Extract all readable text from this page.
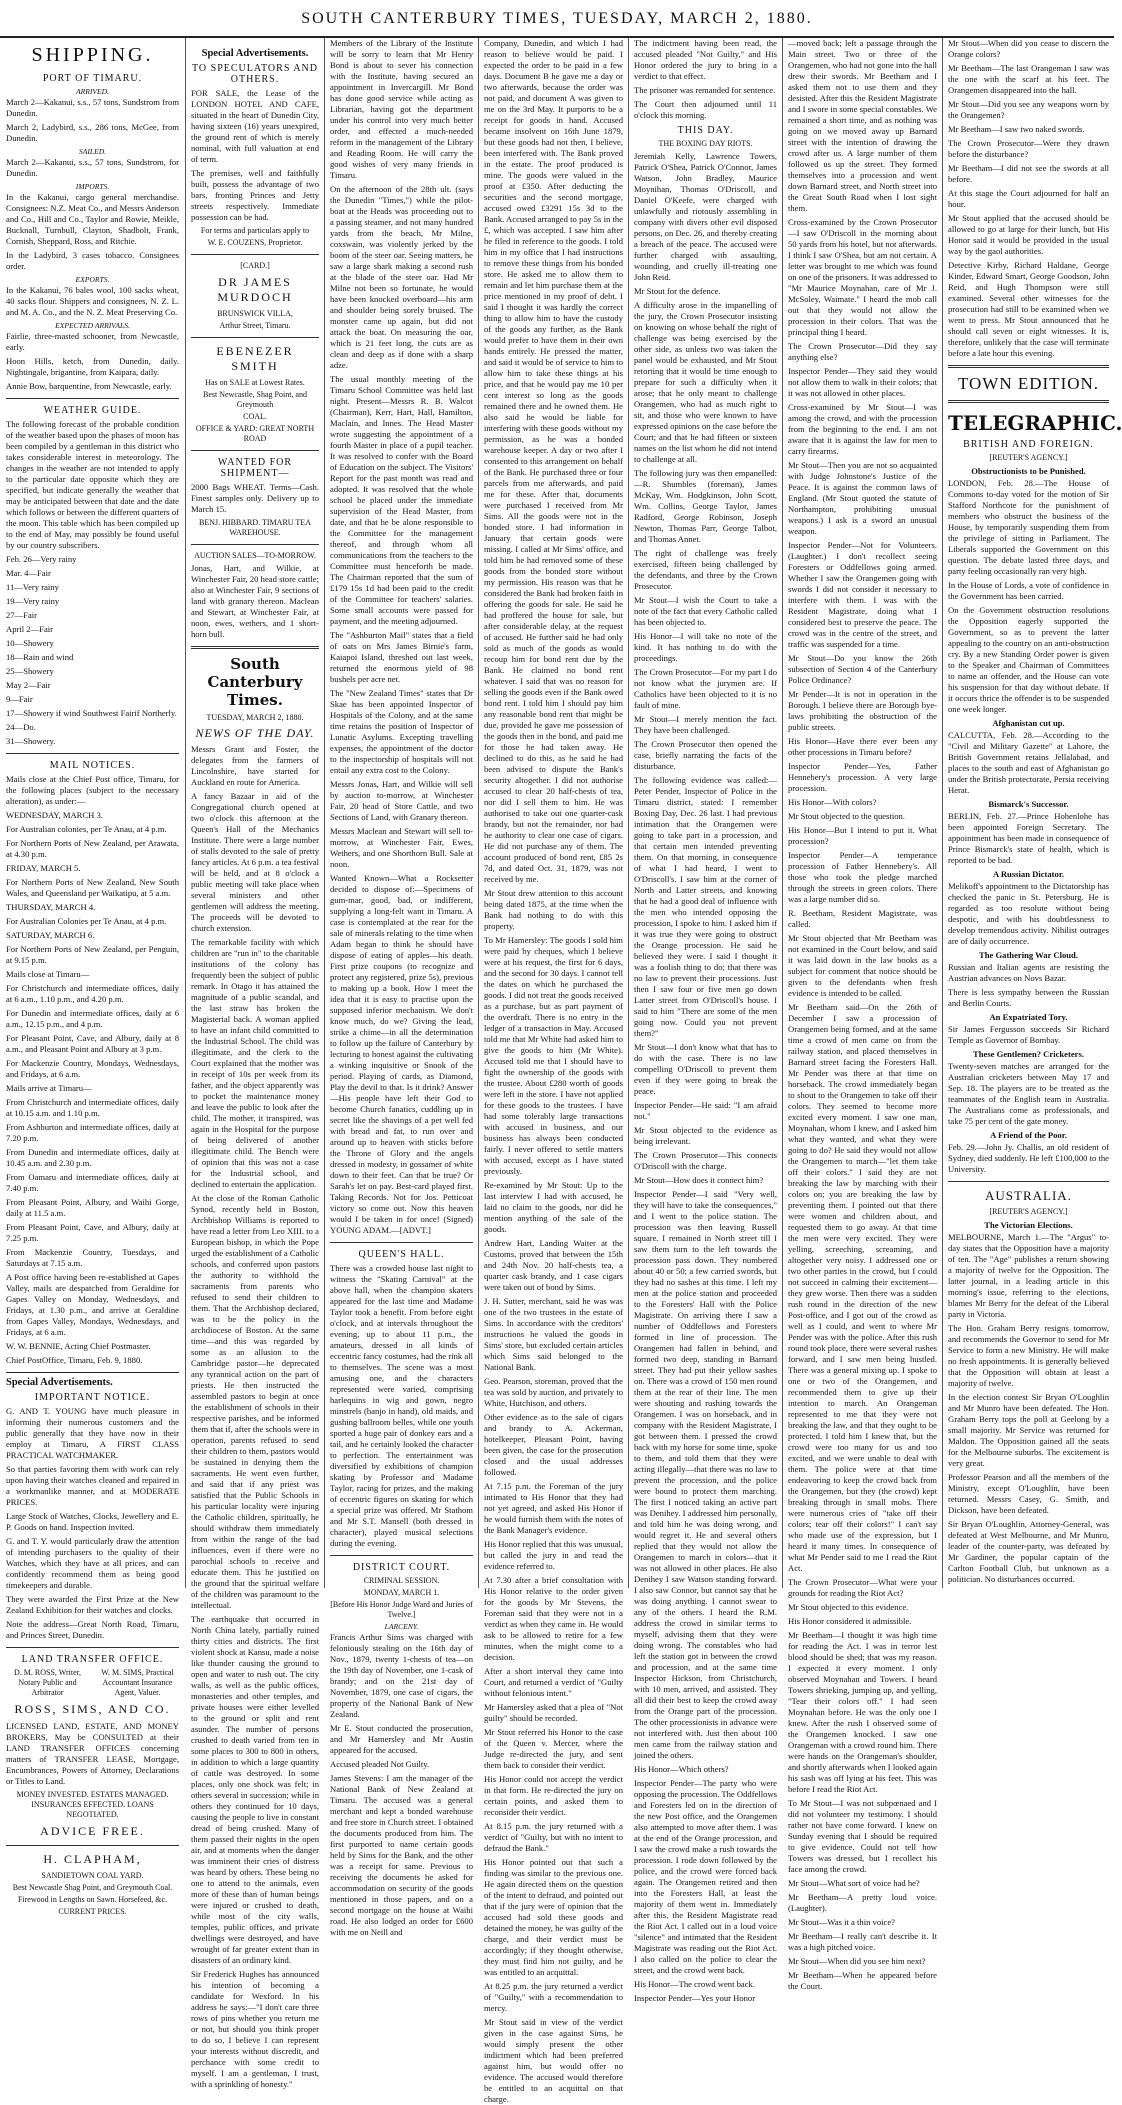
SOUTH CANTERBURY TIMES, TUESDAY, MARCH 2, 1880.
SHIPPING.
PORT OF TIMARU.
ARRIVED.

March 2—Kakanui, s.s., 57 tons, Sundstrom from Dunedin.

March 2, Ladybird, s.s., 286 tons, McGee, from Dunedin.

SAILED.

March 2—Kakanui, s.s., 57 tons, Sundstrom, for Dunedin.

IMPORTS.

In the Kakanui, cargo general merchandise. Consignees: N.Z. Meat Co., and Messrs Anderson and Co., Hill and Co., Taylor and Rowie, Meikle, Bucknall, Turnbull, Clayton, Shadbolt, Frank, Cornish, Sheppard, Ross, and Ritchie.

In the Ladybird, 3 cases tobacco. Consignees order.

EXPORTS.

In the Kakanui, 76 bales wool, 100 sacks wheat, 40 sacks flour. Shippers and consignees, N. Z. L. and M. A. Co., and the N. Z. Meat Preserving Co.

EXPECTED ARRIVALS.

Fairlie, three-masted schooner, from Newcastle, early.

Hoon Hills, ketch, from Dunedin, daily. Nightingale, brigantine, from Kaipara, daily.

Annie Bow, barquentine, from Newcastle, early.

WEATHER GUIDE.

The following forecast of the probable condition of the weather based upon the phases of moon has been compiled by a gentleman in this district who takes considerable interest in meteorology. The changes in the weather are not intended to apply to the particular date opposite which they are specified, but indicate generally the weather that may be anticipated between that date and the date which follows or between the different quarters of the moon. This table which has been compiled up to the end of May, may possibly be found useful by our country subscribers.

Feb. 26—Very rainy

Mar. 4—Fair

11—Very rainy

19—Very rainy

27—Fair

April 2—Fair

10—Showery

18—Rain and wind

25—Showery

May 2—Fair

9—Fair

17—Showery if wind Southwest Fairif Northerly.

24—Do.

31—Showery.

MAIL NOTICES.

Mails close at the Chief Post office, Timaru, for the following places (subject to the necessary alteration), as under:—

WEDNESDAY, MARCH 3.

For Australian colonies, per Te Anau, at 4 p.m.

For Northern Ports of New Zealand, per Arawata, at 4.30 p.m.

FRIDAY, MARCH 5.

For Northern Ports of New Zealand, New South Wales, and Queensland per Waikatipu, at 5 a.m.

THURSDAY, MARCH 4.

For Australian Colonies per Te Anau, at 4 p.m.

SATURDAY, MARCH 6.

For Northern Ports of New Zealand, per Penguin, at 9.15 p.m.

Mails close at Timaru—

For Christchurch and intermediate offices, daily at 6 a.m., 1.10 p.m., and 4.20 p.m.

For Dunedin and intermediate offices, daily at 6 a.m., 12.15 p.m., and 4 p.m.

For Pleasant Point, Cave, and Albury, daily at 8 a.m., and Pleasant Point and Albury at 3 p.m.

For Mackenzie Country, Mondays, Wednesdays, and Fridays, at 6 a.m.

Mails arrive at Timaru—

From Christchurch and intermediate offices, daily at 10.15 a.m. and 1.10 p.m.

From Ashburton and intermediate offices, daily at 7.20 p.m.

From Dunedin and intermediate offices, daily at 10.45 a.m. and 2.30 p.m.

From Oamaru and intermediate offices, daily at 7.40 p.m.

From Pleasant Point, Albury, and Waihi Gorge, daily at 11.5 a.m.

From Pleasant Point, Cave, and Albury, daily at 7.25 p.m.

From Mackenzie Country, Tuesdays, and Saturdays at 7.15 a.m.

A Post office having been re-established at Gapes Valley, mails are despatched from Geraldine for Gapes Valley on Monday, Wednesdays, and Fridays, at 1.30 p.m., and arrive at Geraldine from Gapes Valley, Mondays, Wednesdays, and Fridays, at 6 a.m.

W. W. BENNIE, Acting Chief Postmaster.

Chief PostOffice, Timaru, Feb. 9, 1880.

Special Advertisements.
IMPORTANT NOTICE.

G. AND T. YOUNG have much pleasure in informing their numerous customers and the public generally that they have now in their employ at Timaru, A FIRST CLASS PRACTICAL WATCHMAKER.

So that parties favoring them with work can rely upon having their watches cleaned and repaired in a workmanlike manner, and at MODERATE PRICES.

Large Stock of Watches, Clocks, Jewellery and E. P. Goods on hand. Inspection invited.

G. and T. Y. would particularly draw the attention of intending purchasers to the quality of their Watches, which they have at all prices, and can confidently recommend them as being good timekeepers and durable.

They were awarded the First Prize at the New Zealand Exhibition for their watches and clocks.

Note the address—Great North Road, Timaru, and Princes Street, Dunedin.

LAND TRANSFER OFFICE.
D. M. ROSS, Writer, Notary Public and Arbitrator
W. M. SIMS, Practical Accountant Insurance Agent, Valuer.
ROSS, SIMS, AND CO.

LICENSED LAND, ESTATE, AND MONEY BROKERS, May be CONSULTED at their LAND TRANSFER OFFICES concerning matters of TRANSFER LEASE, Mortgage, Encumbrances, Powers of Attorney, Declarations or Titles to Land.

MONEY INVESTED. ESTATES MANAGED. INSURANCES EFFECTED. LOANS NEGOTIATED.
ADVICE FREE.
H. CLAPHAM,
SANDIETOWN COAL YARD.
Best Newcastle Shag Point, and Greymouth Coal.
Firewood in Lengths on Sawn. Horsefeed, &c.
CURRENT PRICES.
Special Advertisements.
TO SPECULATORS AND OTHERS.

FOR SALE, the Lease of the LONDON HOTEL AND CAFE, situated in the heart of Dunedin City, having sixteen (16) years unexpired, the ground rent of which is merely nominal, with full valuation at end of term.

The premises, well and faithfully built, possess the advantage of two bars, fronting Princes and Jetty streets respectively. Immediate possession can be had.

For terms and particulars apply to
W. E. COUZENS, Proprietor.
[CARD.]
DR JAMES MURDOCH
BRUNSWICK VILLA,
Arthur Street, Timaru.
EBENEZER SMITH
Has on SALE at Lowest Rates.
Best Newcastle, Shag Point, and Greymouth
COAL.
OFFICE & YARD: GREAT NORTH ROAD
WANTED FOR SHIPMENT—

2000 Bags WHEAT. Terms—Cash. Finest samples only. Delivery up to March 15.

BENJ. HIBBARD. TIMARU TEA WAREHOUSE.
AUCTION SALES—TO-MORROW.

Jonas, Hart, and Wilkie, at Winchester Fair, 20 head store cattle; also at Winchester Fair, 9 sections of land with granary thereon. Maclean and Stewart, at Winchester Fair, at noon, ewes, wethers, and 1 short-horn bull.

South Canterbury Times.
TUESDAY, MARCH 2, 1880.
NEWS OF THE DAY.

Messrs Grant and Foster, the delegates from the farmers of Lincolnshire, have started for Auckland en route for America.

A fancy Bazaar in aid of the Congregational church opened at two o'clock this afternoon at the Queen's Hall of the Mechanics Institute. There were a large number of stalls devoted to the sale of pretty fancy articles. At 6 p.m. a tea festival will be held, and at 8 o'clock a public meeting will take place when several ministers and other gentlemen will address the meeting. The proceeds will be devoted to church extension.

The remarkable facility with which children are "run in" to the charitable institutions of the colony has frequently been the subject of public remark. In Otago it has attained the magnitude of a public scandal, and the last straw has broken the Magisterial back. A woman applied to have an infant child committed to the Industrial School. The child was illegitimate, and the clerk to the Court explained that the mother was in receipt of 10s per week from its father, and the object apparently was to pocket the maintenance money and leave the public to look after the child. The mother, it transpired, was again in the Hospital for the purpose of being delivered of another illegitimate child. The Bench were of opinion that this was not a case for the Industrial school, and declined to entertain the application.

At the close of the Roman Catholic Synod, recently held in Boston, Archbishop Williams is reported to have read a letter from Leo XIII. to a European bishop, in which the Pope urged the establishment of a Catholic schools, and conferred upon pastors the authority to withhold the sacraments from parents who refused to send their children to them. That the Archbishop declared, was to be the policy in the archdiocese of Boston. At the same time—and this was regarded by some as an allusion to the Cambridge pastor—he deprecated any tyrannical action on the part of priests. He then instructed the assembled pastors to begin at once the establishment of schools in their respective parishes, and be informed them that if, after the schools were in operation, parents refused to send their children to them, pastors would be sustained in denying them the sacraments. He went even further, and said that if any priest was satisfied that the Public Schools in his particular locality were injuring the Catholic children, spiritually, he should withdraw them immediately from within the range of the bad influences, even if there were no parochial schools to receive and educate them. This he justified on the ground that the spiritual welfare of the children was paramount to the intellectual.

The earthquake that occurred in North China lately, partially ruined thirty cities and districts. The first violent shock at Kansu, made a noise like thunder causing the ground to open and water to rush out. The city walls, as well as the public offices, monasteries and other temples, and private houses were either levelled to the ground or split and rent asunder. The number of persons crushed to death varied from ten in some places to 300 to 800 in others, in addition to which a large quantity of cattle was destroyed. In some places, only one shock was felt; in others several in succession; while in others they continued for 10 days, causing the people to live in constant dread of being crushed. Many of them passed their nights in the open air, and at moments when the danger was imminent their cries of distress was heard by others. These being no one to attend to the animals, even more of these than of human beings were injured or crushed to death, while most of the city walls, temples, public offices, and private dwellings were destroyed, and have wrought of far greater extent than in disasters of an ordinary kind.

Sir Frederick Hughes has announced his intention of becoming a candidate for Wexford. In his address he says:—"I don't care three rows of pins whether you return me or not, but should you think proper to do so, I believe I can represent your interests without discredit, and perchance with some credit to myself. I am a gentleman, I trust, with a sprinkling of honesty."

Members of the Library of the Institute will be sorry to learn that Mr Henry Bond is about to sever his connection with the Institute, having secured an appointment in Invercargill. Mr Bond has done good service while acting as Librarian, having got the department under his control into very much better order, and effected a much-needed reform in the management of the Library and Reading Room. He will carry the good wishes of very many friends in Timaru.

On the afternoon of the 28th ult. (says the Dunedin "Times,") while the pilot-boat at the Heads was proceeding out to a passing steamer, and not many hundred yards from the beach, Mr Milne, coxswain, was violently jerked by the boom of the steer oar. Seeing matters, he saw a large shark making a second rush at the blade of the steer oar. Had Mr Milne not been so fortunate, he would have been knocked overboard—his arm and shoulder being sorely bruised. The monster came up again, but did not attack the boat. On measuring the oar, which is 21 feet long, the cuts are as clean and deep as if done with a sharp adze.

The usual monthly meeting of the Timaru School Committee was held last night. Present—Messrs R. B. Walcot (Chairman), Kerr, Hart, Hall, Hamilton, Maclain, and Innes. The Head Master wrote suggesting the appointment of a fourth Master in place of a pupil teacher. It was resolved to confer with the Board of Education on the subject. The Visitors' Report for the past month was read and adopted. It was resolved that the whole school be placed under the immediate supervision of the Head Master, from date, and that he be alone responsible to the Committee for the management thereof, and through whom all communications from the teachers to the Committee must henceforth be made. The Chairman reported that the sum of £179 15s 1d had been paid to the credit of the Committee for teachers' salaries. Some small accounts were passed for payment, and the meeting adjourned.

The "Ashburton Mail" states that a field of oats on Mrs James Birnie's farm, Kaiapoi Island, threshed out last week, returned the enormous yield of 98 bushels per acre net.

The "New Zealand Times" states that Dr Skae has been appointed Inspector of Hospitals of the Colony, and at the same time retains the position of Inspector of Lunatic Asylums. Excepting travelling expenses, the appointment of the doctor to the inspectorship of hospitals will not entail any extra cost to the Colony.

Messrs Jonas, Hart, and Wilkie will sell by auction to-morrow, at Winchester Fair, 20 head of Store Cattle, and two Sections of Land, with Granary thereon.

Messrs Maclean and Stewart will sell to-morrow, at Winchester Fair, Ewes, Wethers, and one Shorthorn Bull. Sale at noon.

Wanted Known—What a Rocksetter decided to dispose of:—Specimens of gum-mar, good, bad, or indifferent, supplying a long-felt want in Timaru. A case is contemplated at the rear for the sale of minerals relating to the time when Adam began to think he should have dispose of eating of apples—his death. First prize coupons (to recognize and protect any registered, prize 5s), previous to making up a book. How I meet the idea that it is easy to practise upon the supposed inferior mechanism. We don't know much, do we? Giving the lead, strike a chime—in all the determination to follow up the failure of Canterbury by lecturing to honest against the cultivating a winking inquisitive or Snook of the period. Playing of cards, as Diamond, Play the devil to that. Is it drink? Answer—His people have left their God to become Church fanatics, cuddling up in secret like the shavings of a pet well fed with bread and fat, to run over and around up to heaven with sticks before the Throne of Glory and the angels dressed in modesty, in gossamer of white down to their feet. Can that be true? Or Sarah's let on pay. Best-card played first. Taking Records. Not for Jos. Petticoat victory so come out. Now this heaven would I be taken in for once! (Signed) YOUNG ADAM.—[ADVT.]

QUEEN'S HALL.

There was a crowded house last night to witness the "Skating Carnival" at the above hall, when the champion skaters appeared for the last time and Madame Taylor took a benefit. From before eight o'clock, and at intervals throughout the evening, up to about 11 p.m., the amateurs, dressed in all kinds of eccentric fancy costumes, had the rink all to themselves. The scene was a most amusing one, and the characters represented were varied, comprising harlequins in wig and gown, negro minstrels (banjo in hand), old maids, and gushing ballroom belles, while one youth sported a huge pair of donkey ears and a tail, and he certainly looked the character to perfection. The entertainment was diversified by exhibitions of champion skating by Professor and Madame Taylor, racing for prizes, and the making of eccentric figures on skating for which a special prize was offered. Mr Stathom and Mr S.T. Mansell (both dressed in character), played musical selections during the evening.

DISTRICT COURT.
CRIMINAL SESSION.
MONDAY, MARCH 1.
[Before His Honor Judge Ward and Juries of Twelve.]
LARCENY.

Francis Arthur Sims was charged with feloniously stealing on the 16th day of Nov., 1879, twenty 1-chests of tea—on the 19th day of November, one 1-cask of brandy; and on the 21st day of November, 1879, one case of cigars, the property of the National Bank of New Zealand.

Mr E. Stout conducted the prosecution, and Mr Hamersley and Mr Austin appeared for the accused.

Accused pleaded Not Guilty.

James Stevens: I am the manager of the National Bank of New Zealand at Timaru. The accused was a general merchant and kept a bonded warehouse and free store in Church street. I obtained the documents produced from him. The first purported to name certain goods held by Sims for the Bank, and the other was a receipt for same. Previous to receiving the documents he asked for accommodation on security of the goods mentioned in those papers, and on a second mortgage on the house at Waihi road. He also lodged an order for £600 with me on Neill and

Company, Dunedin, and which I had reason to believe would be paid. I expected the order to be paid in a few days. Document B he gave me a day or two afterwards, because the order was not paid, and document A was given to me on the 3rd May. It purports to be a receipt for goods in hand. Accused became insolvent on 16th June 1879, but these goods had not then, I believe, been interfered with. The Bank proved in the estate. The proof produced is mine. The goods were valued in the proof at £350. After deducting the securities and the second mortgage, accused owed £3291 15s 3d to the Bank. Accused arranged to pay 5s in the £, which was accepted. I saw him after he filed in reference to the goods. I told him in my office that I had instructions to remove these things from his bonded store. He asked me to allow them to remain and let him purchase them at the price mentioned in my proof of debt. I said I thought it was hardly the correct thing to allow him to have the custody of the goods any further, as the Bank would prefer to have them in their own hands entirely. He pressed the matter, and said it would be of service to him to allow him to take these things at his price, and that he would pay me 10 per cent interest so long as the goods remained there and he owned them. He also said he would be liable for interfering with these goods without my permission, as he was a bonded warehouse keeper. A day or two after I consented to this arrangement on behalf of the Bank. He purchased three or four parcels from me afterwards, and paid me for these. After that, documents were purchased I received from Mr Sims. All the goods were not in the bonded store. I had information in January that certain goods were missing. I called at Mr Sims' office, and told him he had removed some of these goods from the bonded store without my permission. His reason was that he considered the Bank had broken faith in offering the goods for sale. He said he had proffered the house for sale, but after considerable delay, at the request of accused. He further said he had only sold as much of the goods as would recoup him for bond rent due by the Bank. He claimed no bond rent whatever. I said that was no reason for selling the goods even if the Bank owed bond rent. I told him I should pay him any reasonable bond rent that might be due, provided he gave me possession of the goods then in the bond, and paid me for those he had taken away. He declined to do this, as he said he had been advised to dispute the Bank's security altogether. I did not authorise accused to clear 20 half-chests of tea, nor did I sell them to him. He was authorised to take out one quarter-cask brandy, but not the remainder, nor had he authority to clear one case of cigars. He did not purchase any of them. The account produced of bond rent, £85 2s 7d, and dated Oct. 31, 1879, was not received by me.

Mr Stout drew attention to this account being dated 1875, at the time when the Bank had nothing to do with this property.

To Mr Hamersley: The goods I sold him were paid by cheques, which I believe were at his request, the first for 6 days, and the second for 30 days. I cannot tell the dates on which he purchased the goods. I did not treat the goods received as a purchase, but as part payment of the overdraft. There is no entry in the ledger of a transaction in May. Accused told me that Mr White had asked him to give the goods to him (Mr White). Accused told me that I should have to fight the ownership of the goods with the trustee. About £280 worth of goods were left in the store. I have not applied for these goods to the trustees. I have had some tolerably large transactions with accused in business, and our business has always been conducted fairly. I never offered to settle matters with accused, except as I have stated previously.

Re-examined by Mr Stout: Up to the last interview I had with accused, he laid no claim to the goods, nor did he mention anything of the sale of the goods.

Andrew Hart, Landing Waiter at the Customs, proved that between the 15th and 24th Nov. 20 half-chests tea, a quarter cask brandy, and 1 case cigars were taken out of bond by Sims.

J. H. Sutter, merchant, said he was was one of the two trustees in the estate of Sims. In accordance with the creditors' instructions he valued the goods in Sims' store, but excluded certain articles which Sims said belonged to the National Bank.

Geo. Pearson, storeman, proved that the tea was sold by auction, and privately to White, Hutchison, and others.

Other evidence as to the sale of cigars and brandy to A. Ackerman, hotelkeeper, Pleasant Point, having been given, the case for the prosecution closed and the usual addresses followed.

At 7.15 p.m. the Foreman of the jury intimated to His Honor that they had not yet agreed, and asked His Honor if he would furnish them with the notes of the Bank Manager's evidence.

His Honor replied that this was unusual, but called the jury in and read the evidence referred to.

At 7.30 after a brief consultation with His Honor relative to the order given for the goods by Mr Stevens, the Foreman said that they were not in a verdict as when they came in. He would ask to be allowed to retire for a few minutes, when the might come to a decision.

After a short interval they came into Court, and returned a verdict of "Guilty without felonious intent."

Mr Hamersley asked that a plea of "Not guilty" should be recorded.

Mr Stout referred his Honor to the case of the Queen v. Mercer, where the Judge re-directed the jury, and sent them back to consider their verdict.

His Honor could not accept the verdict in that form. He re-directed the jury on certain points, and asked them to reconsider their verdict.

At 8.15 p.m. the jury returned with a verdict of "Guilty, but with no intent to defraud the Bank."

His Honor pointed out that such a finding was similar to the previous one. He again directed them on the question of the intent to defraud, and pointed out that if the jury were of opinion that the accused had sold these goods and detained the money, he was guilty of the charge, and their verdict must be accordingly; if they thought otherwise, they must find him not guilty, and he was entitled to an acquittal.

At 8.25 p.m. the jury returned a verdict of "Guilty," with a recommendation to mercy.

Mr Stout said in view of the verdict given in the case against Sims, he would simply present the other indictment which had been preferred against him, but would offer no evidence. The accused would therefore be entitled to an acquittal on that charge.

The indictment having been read, the accused pleaded "Not Guilty," and His Honor ordered the jury to bring in a verdict to that effect.

The prisoner was remanded for sentence.

The Court then adjourned until 11 o'clock this morning.

THIS DAY.
THE BOXING DAY RIOTS.

Jeremiah Kelly, Lawrence Towers, Patrick O'Shea, Patrick O'Connor, James Watson, John Bradley, Maurice Moynihan, Thomas O'Driscoll, and Daniel O'Keefe, were charged with unlawfully and riotously assembling in company with divers other evil disposed persons, on Dec. 26, and thereby creating a breach of the peace. The accused were further charged with assaulting, wounding, and cruelly ill-treating one John Reid.

Mr Stout for the defence.

A difficulty arose in the impanelling of the jury, the Crown Prosecutor insisting on knowing on whose behalf the right of challenge was being exercised by the other side, as unless two was taken the panel would be exhausted, and Mr Stout retorting that it would be time enough to prepare for such a difficulty when it arose; that he only meant to challenge Orangemen, who had as much right to sit, and those who were known to have expressed opinions on the case before the Court; and that he had fifteen or sixteen names on the list whom he did not intend to challenge at all.

The following jury was then empanelled:—R. Shumbles (foreman), James McKay, Wm. Hodgkinson, John Scott, Wm. Collins, George Taylor, James Radford, George Robinson, Joseph Newton, Thomas Parr, George Talbot, and Thomas Annet.

The right of challenge was freely exercised, fifteen being challenged by the defendants, and three by the Crown Prosecutor.

Mr Stout—I wish the Court to take a note of the fact that every Catholic called has been objected to.

His Honor—I will take no note of the kind. It has nothing to do with the proceedings.

The Crown Prosecutor—For my part I do not know what the jurymen are. If Catholics have been objected to it is no fault of mine.

Mr Stout—I merely mention the fact. They have been challenged.

The Crown Prosecutor then opened the case, briefly narrating the facts of the disturbance.

The following evidence was called:—Peter Pender, Inspector of Police in the Timaru district, stated: I remember Boxing Day, Dec. 26 last. I had previous intimation that the Orangemen were going to take part in a procession, and that certain men intended preventing them. On that morning, in consequence of what I had heard, I went to O'Driscoll's. I saw him at the corner of North and Latter streets, and knowing that he had a good deal of influence with the men who intended opposing the procession, I spoke to him. I asked him if it was true they were going to obstruct the Orange procession. He said he believed they were. I said I thought it was a foolish thing to do; that there was no law to prevent their processions. Just then I saw four or five men go down Latter street from O'Driscoll's house. I said to him "There are some of the men going now. Could you not prevent them?"

Mr Stout—I don't know what that has to do with the case. There is no law compelling O'Driscoll to prevent them even if they were going to break the peace.

Inspector Pender—He said: "I am afraid not."

Mr Stout objected to the evidence as being irrelevant.

The Crown Prosecutor—This connects O'Driscoll with the charge.

Mr Stout—How does it connect him?

Inspector Pender—I said "Very well, they will have to take the consequences," and I went to the police station. The procession was then leaving Russell square. I remained in North street till I saw them turn to the left towards the procession pass down. They numbered about 40 or 50; a few carried swords, but they had no sashes at this time. I left my men at the police station and proceeded to the Foresters' Hall with the Police Magistrate. On arriving there I saw a number of Oddfellows and Foresters formed in line of procession. The Orangemen had fallen in behind, and formed two deep, standing in Barnard street. They had put their yellow sashes on. There was a crowd of 150 men round them at the rear of their line. The men were shouting and rushing towards the Orangemen. I was on horseback, and in company with the Resident Magistrate, I got between them. I pressed the crowd back with my horse for some time, spoke to them, and told them that they were acting illegally—that there was no law to prevent the procession, and the police were bound to protect them marching. The first I noticed taking an active part was Denihey. I addressed him personally, and told him he was doing wrong, and would regret it. He and several others replied that they would not allow the Orangemen to march in colors—that it was not allowed in other places. He also Denihey I saw Watson standing forward. I also saw Connor, but cannot say that he was doing anything. I cannot swear to any of the others. I heard the R.M. address the crowd in similar terms to myself, advising them that they were doing wrong. The constables who had left the station got in between the crowd and procession, and at the same time Inspector Hickson, from Christchurch, with 10 men, arrived, and assisted. They all did their best to keep the crowd away from the Orange part of the procession. The other processionists in advance were not interfered with. Just then about 100 men came from the railway station and joined the others.

His Honor—Which others?

Inspector Pender—The party who were opposing the procession. The Oddfellows and Foresters led on in the direction of the new Post office, and the Orangemen also attempted to move after them. I was at the end of the Orange procession, and I saw the crowd make a rush towards the procession. I rode down followed by the police, and the crowd were forced back again. The Orangemen retired and then into the Foresters Hall, at least the majority of them went in. Immediately after this, the Resident Magistrate read the Riot Act. I called out in a loud voice "silence" and intimated that the Resident Magistrate was reading out the Riot Act. I also called on the police to clear the street, and the crowd went back.

His Honor—The crowd went back.

Inspector Pender—Yes your Honor

—moved back; left a passage through the Main street. Two or three of the Orangemen, who had not gone into the hall drew their swords. Mr Beetham and I asked them not to use them and they desisted. After this the Resident Magistrate and I swore in some special constables. We remained a short time, and as nothing was going on we moved away up Barnard street with the intention of drawing the crowd after us. A large number of them followed us up the street. They formed themselves into a procession and went down Barnard street, and North street into the Great South Road when I lost sight them.

Cross-examined by the Crown Prosecutor—I saw O'Driscoll in the morning about 50 yards from his hotel, but not afterwards. I think I saw O'Shea, but am not certain. A letter was brought to me which was found on one of the prisoners. It was addressed to "Mr Maurice Moynahan, care of Mr J. McSoley, Waimate." I heard the mob call out that they would not allow the procession in their colors. That was the principal thing I heard.

The Crown Prosecutor—Did they say anything else?

Inspector Pender—They said they would not allow them to walk in their colors; that it was not allowed in other places.

Cross-examined by Mr Stout—I was among the crowd, and with the procession from the beginning to the end. I am not aware that it is against the law for men to carry firearms.

Mr Stout—Then you are not so acquainted with Judge Johnstone's Justice of the Peace. It is against the common laws of England. (Mr Stout quoted the statute of Northampton, prohibiting unusual weapons.) I ask is a sword an unusual weapon.

Inspector Pender—Not for Volunteers. (Laughter.) I don't recollect seeing Foresters or Oddfellows going armed. Whether I saw the Orangemen going with swords I did not consider it necessary to interfere with them. I was with the Resident Magistrate, doing what I considered best to preserve the peace. The crowd was in the centre of the street, and traffic was suspended for a time.

Mr Stout—Do you know the 26th subsection of Section 4 of the Canterbury Police Ordinance?

Mr Pender—It is not in operation in the Borough. I believe there are Borough bye-laws prohibiting the obstruction of the public streets.

His Honor—Have there ever been any other processions in Timaru before?

Inspector Pender—Yes, Father Hennebery's procession. A very large procession.

His Honor—With colors?

Mr Stout objected to the question.

His Honor—But I intend to put it. What procession?

Inspector Pender—A temperance procession of Father Hennebery's. All those who took the pledge marched through the streets in green colors. There was a large number did so.

R. Beetham, Resident Magistrate, was called.

Mr Stout objected that Mr Beetham was not examined in the Court below, and said it was laid down in the law books as a subject for comment that notice should be given to the defendants when fresh evidence is intended to be called.

Mr Beetham said—On the 26th of December I saw a procession of Orangemen being formed, and at the same time a crowd of men came on from the railway station, and placed themselves in Barnard street facing the Foresters Hall. Mr Pender was there at that time on horseback. The crowd immediately began to shout to the Orangemen to take off their colors. They seemed to become more excited every moment. I saw one man, Moynahan, whom I knew, and I asked him what they wanted, and what they were going to do? He said they would not allow the Orangemen to march—"let them take off their colors." I said they are not breaking the law by marching with their colors on; you are breaking the law by preventing them. I pointed out that there were women and children about, and requested them to go away. At that time the men were very excited. They were yelling, screeching, screaming, and altogether very noisy. I addressed one or two other parties in the crowd, but I could not succeed in calming their excitement—they grew worse. Then there was a sudden rush round in the direction of the new Post-office, and I got out of the crowd as well as I could, and went to where Mr Pender was with the police. After this rush round took place, there were several rushes forward, and I saw men being hustled. There was a general mixing up. I spoke to one or two of the Orangemen, and recommended them to give up their intention to march. An Orangeman represented to me that they were not breaking the law, and that they ought to be protected. I told him I knew that, but the crowd were too many for us and too excited, and we were unable to deal with them. The police were at that time endeavoring to keep the crowd back from the Orangemen, but they (the crowd) kept breaking through in small mobs. There were numerous cries of "take off their colors; tear off their colors!" I can't say who made use of the expression, but I heard it many times. In consequence of what Mr Pender said to me I read the Riot Act.

The Crown Prosecutor—What were your grounds for reading the Riot Act?

Mr Stout objected to this evidence.

His Honor considered it admissible.

Mr Beetham—I thought it was high time for reading the Act. I was in terror lest blood should be shed; that was my reason. I expected it every moment. I only observed Moynahan and Towers. I heard Towers shrieking, jumping up, and yelling, "Tear their colors off." I had seen Moynahan before. He was the only one I knew. After the rush I observed some of the Orangemen knocked. I saw one Orangeman with a crowd round him. There were hands on the Orangeman's shoulder, and shortly afterwards when I looked again his sash was off lying at his feet. This was before I read the Riot Act.

To Mr Stout—I was not subpœnaed and I did not volunteer my testimony. I should rather not have come forward. I knew on Sunday evening that I should be required to give evidence. Could not tell how Towers was dressed, but I recollect his face among the crowd.

Mr Stout—What sort of voice had he?

Mr Beetham—A pretty loud voice. (Laughter).

Mr Stout—Was it a thin voice?

Mr Beetham—I really can't describe it. It was a high pitched voice.

Mr Stout—When did you see him next?

Mr Beetham—When he appeared before the Court.

Mr Stout—When did you cease to discern the Orange colors?

Mr Beetham—The last Orangeman I saw was the one with the scarf at his feet. The Orangemen disappeared into the hall.

Mr Stout—Did you see any weapons worn by the Orangemen?

Mr Beetham—I saw two naked swords.

The Crown Prosecutor—Were they drawn before the disturbance?

Mr Beetham—I did not see the swords at all before.

At this stage the Court adjourned for half an hour.

Mr Stout applied that the accused should be allowed to go at large for their lunch, but His Honor said it would be provided in the usual way by the gaol authorities.

Detective Kirby, Richard Haldane, George Kinder, Edward Smart, George Goodson, John Reid, and Hugh Thompson were still examined. Several other witnesses for the prosecution had still to be examined when we went to press. Mr Stout announced that he should call seven or eight witnesses. It is, therefore, unlikely that the case will terminate before a late hour this evening.

TOWN EDITION.
TELEGRAPHIC.
BRITISH AND FOREIGN.
[REUTER'S AGENCY.]
Obstructionists to be Punished.

LONDON, Feb. 28.—The House of Commons to-day voted for the motion of Sir Stafford Northcote for the punishment of members who obstruct the business of the House, by temporarily suspending them from the privilege of sitting in Parliament. The Liberals supported the Government on this question. The debate lasted three days, and party feeling occasionally ran very high.

In the House of Lords, a vote of confidence in the Government has been carried.

On the Government obstruction resolutions the Opposition eagerly supported the Government, so as to prevent the latter appealing to the country on an anti-obstruction cry. By a new Standing Order power is given to the Speaker and Chairman of Committees to name an offender, and the House can vote his suspension for that day without debate. If it occurs thrice the offender is to be suspended one week longer.

Afghanistan cut up.

CALCUTTA, Feb. 28.—According to the "Civil and Military Gazette" at Lahore, the British Government retains Jellalabad, and places to the south and east of Afghanistan go under the British protectorate, Persia receiving Herat.

Bismarck's Successor.

BERLIN, Feb. 27.—Prince Hohenlohe has been appointed Foreign Secretary. The appointment has been made in consequence of Prince Bismarck's state of health, which is reported to be bad.

A Russian Dictator.

Melikoff's appointment to the Dictatorship has checked the panic in St. Petersburg. He is regarded as too resolute without being despotic, and with his doubtlessness to develop tremendous activity. Nihilist outrages are of daily occurrence.

The Gathering War Cloud.

Russian and Italian agents are resisting the Austrian advances on Novs Bazar.

There is less sympathy between the Russian and Berlin Courts.

An Expatriated Tory.

Sir James Fergusson succeeds Sir Richard Temple as Governor of Bombay.

These Gentlemen? Cricketers.

Twenty-seven matches are arranged for the Australian cricketers between May 17 and Sep. 18. The players are to be treated as the teammates of the English team in Australia. The Australians come as professionals, and take 75 per cent of the gate money.

A Friend of the Poor.

Feb. 29.—John Jy. Challis, an old resident of Sydney, died suddenly. He left £100,000 to the University.

AUSTRALIA.
[REUTER'S AGENCY.]
The Victorian Elections.

MELBOURNE, March 1.—The "Argus" to-day states that the Opposition have a majority of ten. The "Age" publishes a return showing a majority of twelve for the Opposition. The latter journal, in a leading article in this morning's issue, referring to the elections, blames Mr Berry for the defeat of the Liberal party in Victoria.

The Hon. Graham Berry resigns tomorrow, and recommends the Governor to send for Mr Service to form a new Ministry. He will make no fresh appointments. It is generally believed that the Opposition will obtain at least a majority of twelve.

In the election contest Sir Bryan O'Loughlin and Mr Munro have been defeated. The Hon. Graham Berry tops the poll at Geelong by a small majority. Mr Service was returned for Maldon. The Opposition gained all the seats for the Melbourne suburbs. The excitement is very great.

Professor Pearson and all the members of the Ministry, except O'Loughlin, have been returned. Messrs Casey, G. Smith, and Dickson, have been defeated.

Sir Bryan O'Loughlin, Attorney-General, was defeated at West Melbourne, and Mr Munro, leader of the counter-party, was defeated by Mr Gardiner, the popular captain of the Carlton Football Club, but unknown as a politician. No disturbances occurred.
